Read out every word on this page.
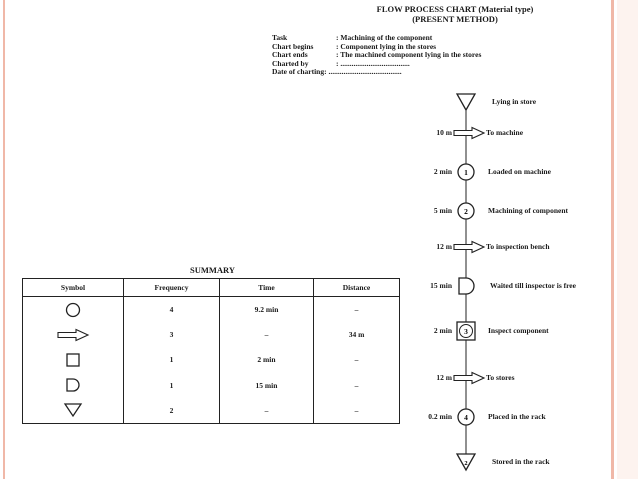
FLOW PROCESS CHART (Material type)
(PRESENT METHOD)
Task	: Machining of the component
Chart begins	: Component lying in the stores
Chart ends	: The machined component lying in the stores
Charted by	: .....................................
Date of charting : .......................................
SUMMARY
Symbol	Frequency	Time	Distance

	4	9.2 min	–

	3	–	34 m

	1	2 min	–

	1	15 min	–

	2	–	–
1
2
3
4
2
Lying in store
10 m	To machine
2 min	Loaded on machine
5 min	Machining of component
12 m	To inspection bench
15 min	Waited till inspector is free
2 min	Inspect component
12 m	To stores
0.2 min	Placed in the rack
Stored in the rack
